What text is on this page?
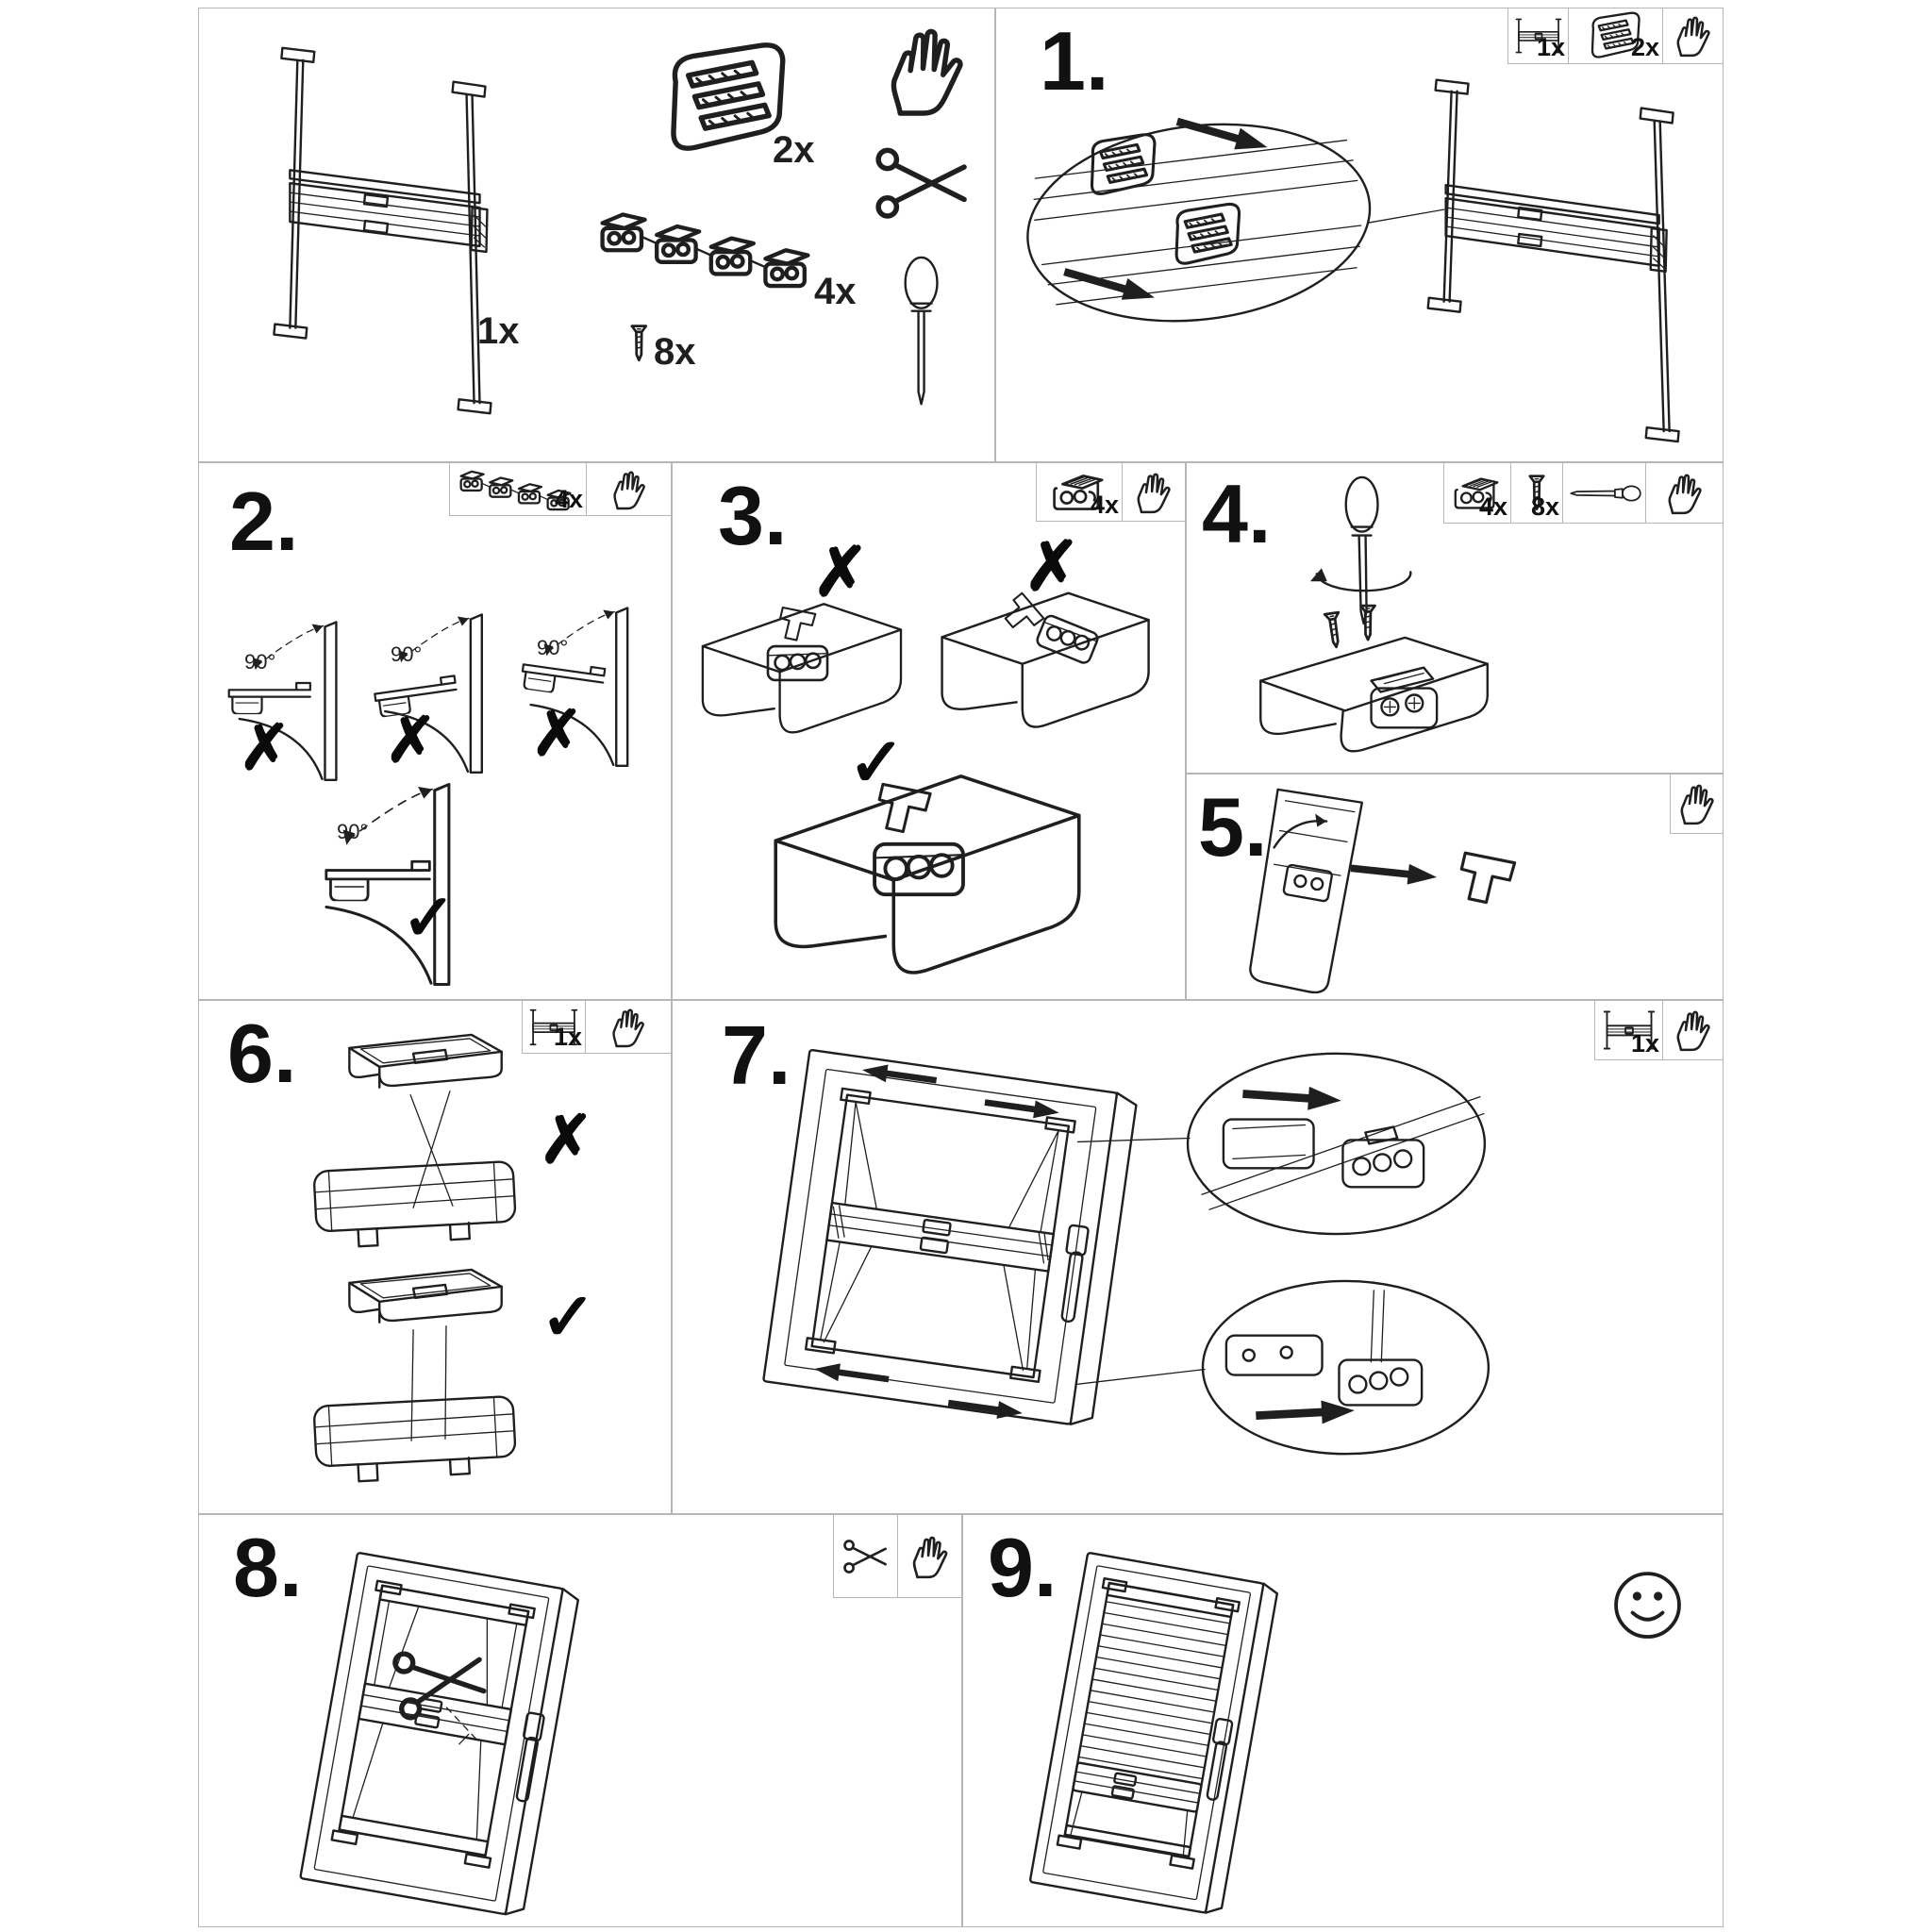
1x
2x
4x
8x
1.	1x	2x
2.	4x
90°	90°	90°
90°
✗ ✗ ✗
✓
3.	4x
✗ ✗
✓
4.	4x 8x
5.
6.	1x
✗
✓
7.	1x
8.	9.
